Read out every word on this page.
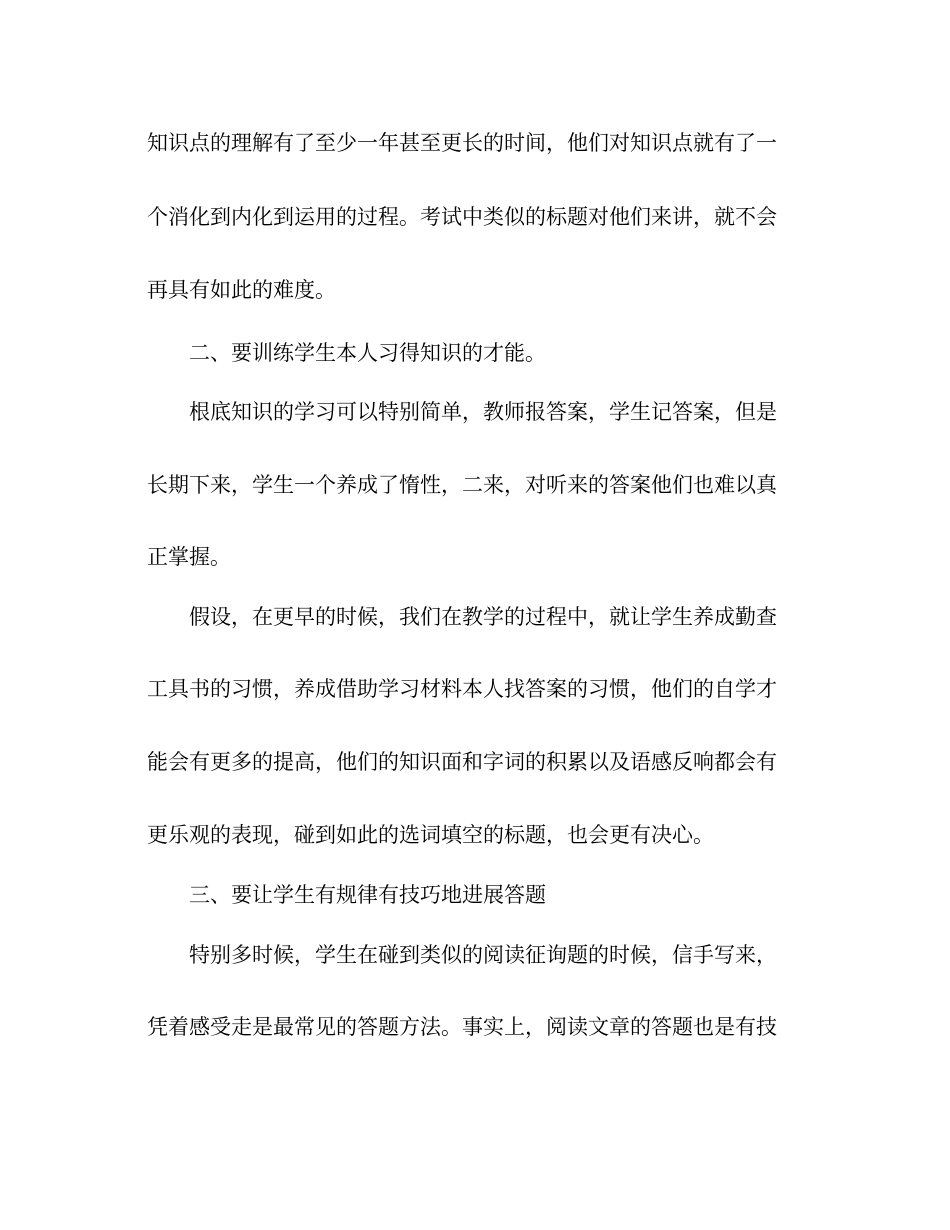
知识点的理解有了至少一年甚至更长的时间，他们对知识点就有了一
个消化到内化到运用的过程。考试中类似的标题对他们来讲，就不会
再具有如此的难度。
二、要训练学生本人习得知识的才能。
根底知识的学习可以特别简单，教师报答案，学生记答案，但是
长期下来，学生一个养成了惰性，二来，对听来的答案他们也难以真
正掌握。
假设，在更早的时候，我们在教学的过程中，就让学生养成勤查
工具书的习惯，养成借助学习材料本人找答案的习惯，他们的自学才
能会有更多的提高，他们的知识面和字词的积累以及语感反响都会有
更乐观的表现，碰到如此的选词填空的标题，也会更有决心。
三、要让学生有规律有技巧地进展答题
特别多时候，学生在碰到类似的阅读征询题的时候，信手写来，
凭着感受走是最常见的答题方法。事实上，阅读文章的答题也是有技
